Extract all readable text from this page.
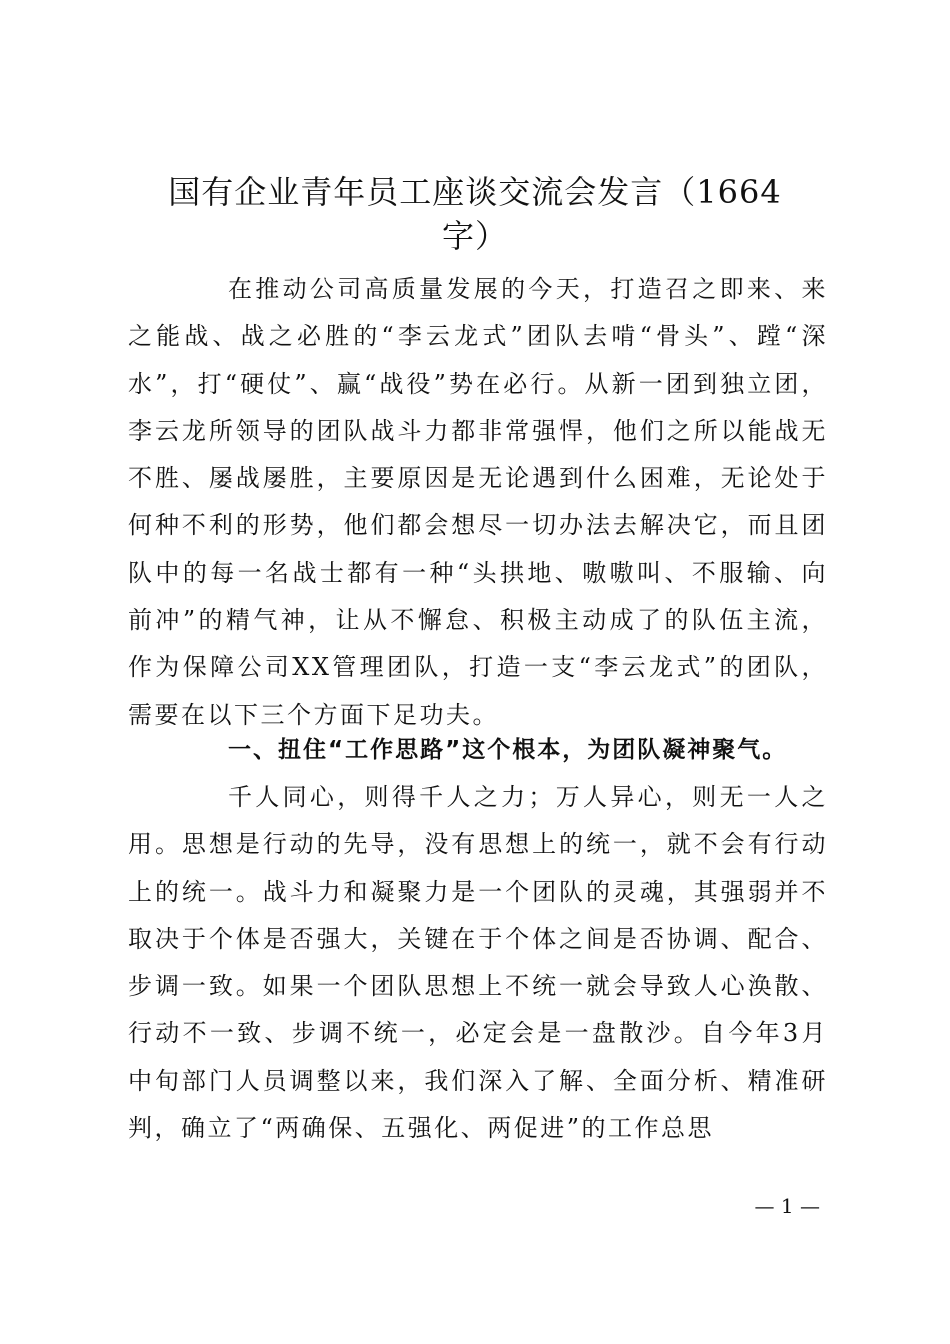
国有企业青年员工座谈交流会发言（1664字）

在推动公司高质量发展的今天，打造召之即来、来之能战、战之必胜的“李云龙式”团队去啃“骨头”、蹚“深水”，打“硬仗”、赢“战役”势在必行。从新一团到独立团，李云龙所领导的团队战斗力都非常强悍，他们之所以能战无不胜、屡战屡胜，主要原因是无论遇到什么困难，无论处于何种不利的形势，他们都会想尽一切办法去解决它，而且团队中的每一名战士都有一种“头拱地、嗷嗷叫、不服输、向前冲”的精气神，让从不懈怠、积极主动成了的队伍主流，作为保障公司XX管理团队，打造一支“李云龙式”的团队，需要在以下三个方面下足功夫。

一、扭住“工作思路”这个根本，为团队凝神聚气。

千人同心，则得千人之力；万人异心，则无一人之用。思想是行动的先导，没有思想上的统一，就不会有行动上的统一。战斗力和凝聚力是一个团队的灵魂，其强弱并不取决于个体是否强大，关键在于个体之间是否协调、配合、步调一致。如果一个团队思想上不统一就会导致人心涣散、行动不一致、步调不统一，必定会是一盘散沙。自今年3月中旬部门人员调整以来，我们深入了解、全面分析、精准研判，确立了“两确保、五强化、两促进”的工作总思

— 1 —
